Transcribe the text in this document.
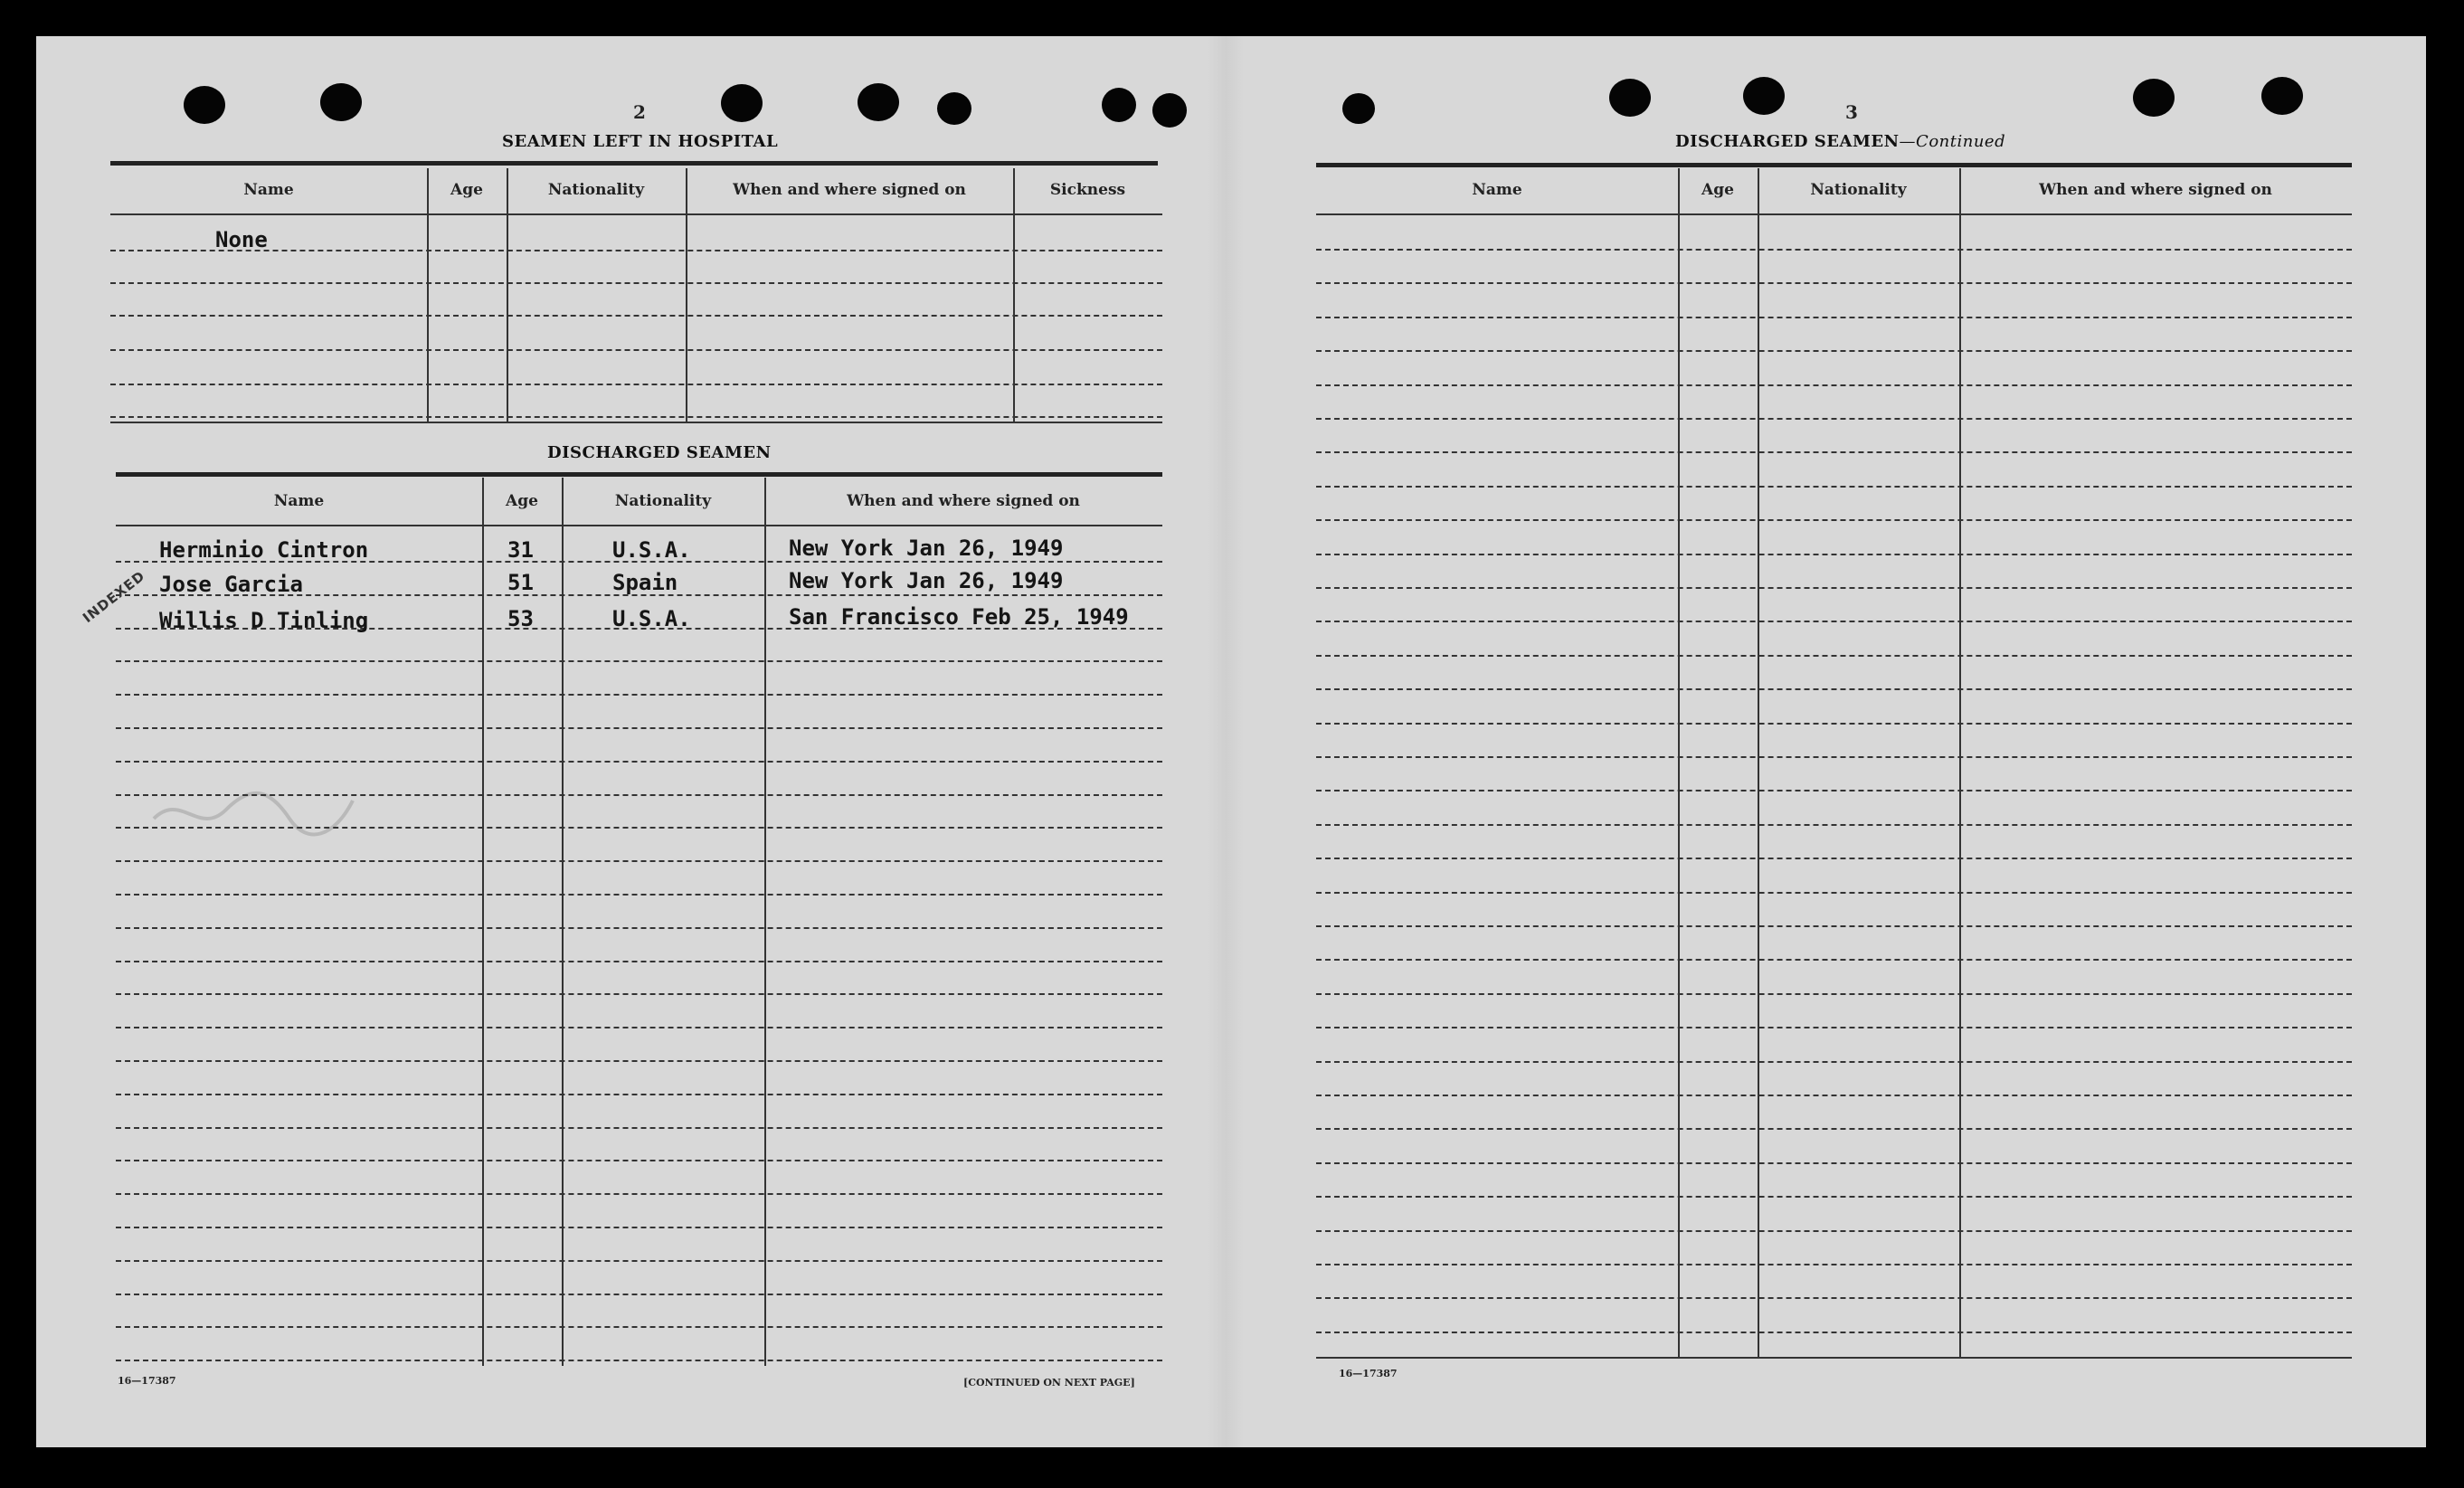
2
SEAMEN LEFT IN HOSPITAL
Name	Age	Nationality	When and where signed on	Sickness
None
DISCHARGED SEAMEN
Name	Age	Nationality	When and where signed on
Herminio Cintron	31	U.S.A.	New York Jan 26, 1949
Jose Garcia	51	Spain	New York Jan 26, 1949
Willis D Tinling	53	U.S.A.	San Francisco Feb 25, 1949
INDEXED
16—17387	[CONTINUED ON NEXT PAGE]
3
DISCHARGED SEAMEN—Continued
Name	Age	Nationality	When and where signed on
16—17387
